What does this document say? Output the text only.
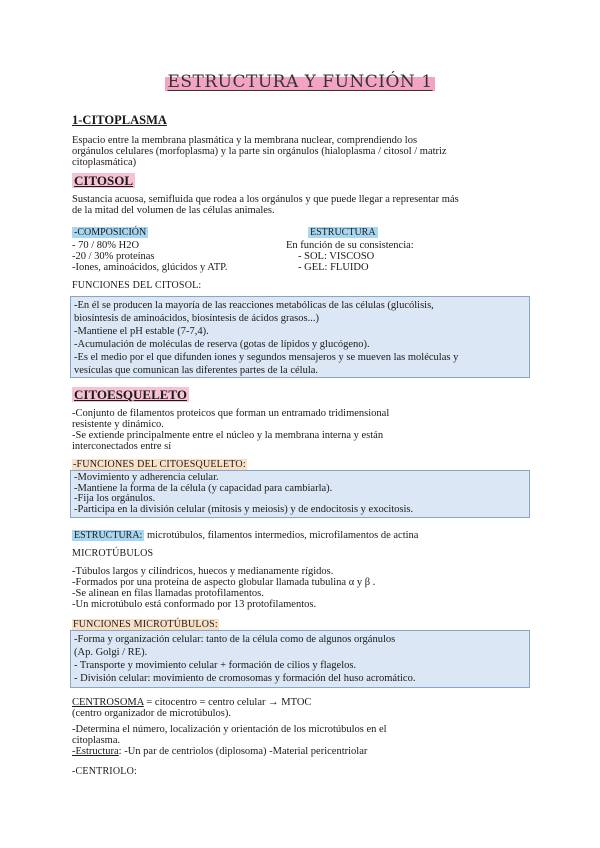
ESTRUCTURA Y FUNCIÓN 1
1-CITOPLASMA
Espacio entre la membrana plasmática y la membrana nuclear, comprendiendo los
orgánulos celulares (morfoplasma) y la parte sin orgánulos (hialoplasma / citosol / matriz
citoplasmática)
CITOSOL
Sustancia acuosa, semifluida que rodea a los orgánulos y que puede llegar a representar más
de la mitad del volumen de las células animales.
-COMPOSICIÓN	ESTRUCTURA
- 70 / 80% H2O
-20 / 30% proteínas
-Iones, aminoácidos, glúcidos y ATP.
En función de su consistencia:
- SOL: VISCOSO
- GEL: FLUIDO
FUNCIONES DEL CITOSOL:
-En él se producen la mayoría de las reacciones metabólicas de las células (glucólisis,
biosíntesis de aminoácidos, biosíntesis de ácidos grasos...)
-Mantiene el pH estable (7-7,4).
-Acumulación de moléculas de reserva (gotas de lípidos y glucógeno).
-Es el medio por el que difunden iones y segundos mensajeros y se mueven las moléculas y
vesículas que comunican las diferentes partes de la célula.
CITOESQUELETO
-Conjunto de filamentos proteicos que forman un entramado tridimensional
resistente y dinámico.
-Se extiende principalmente entre el núcleo y la membrana interna y están
interconectados entre sí
-FUNCIONES DEL CITOESQUELETO:
-Movimiento y adherencia celular.
-Mantiene la forma de la célula (y capacidad para cambiarla).
-Fija los orgánulos.
-Participa en la división celular (mitosis y meiosis) y de endocitosis y exocitosis.
ESTRUCTURA: microtúbulos, filamentos intermedios, microfilamentos de actina
MICROTÚBULOS
-Túbulos largos y cilíndricos, huecos y medianamente rígidos.
-Formados por una proteína de aspecto globular llamada tubulina α y β .
-Se alinean en filas llamadas protofilamentos.
-Un microtúbulo está conformado por 13 protofilamentos.
FUNCIONES MICROTÚBULOS:
-Forma y organización celular: tanto de la célula como de algunos orgánulos
(Ap. Golgi / RE).
- Transporte y movimiento celular + formación de cilios y flagelos.
- División celular: movimiento de cromosomas y formación del huso acromático.
CENTROSOMA = citocentro = centro celular → MTOC
(centro organizador de microtúbulos).
-Determina el número, localización y orientación de los microtúbulos en el
citoplasma.
-Estructura: -Un par de centriolos (diplosoma) -Material pericentriolar
-CENTRIOLO:
